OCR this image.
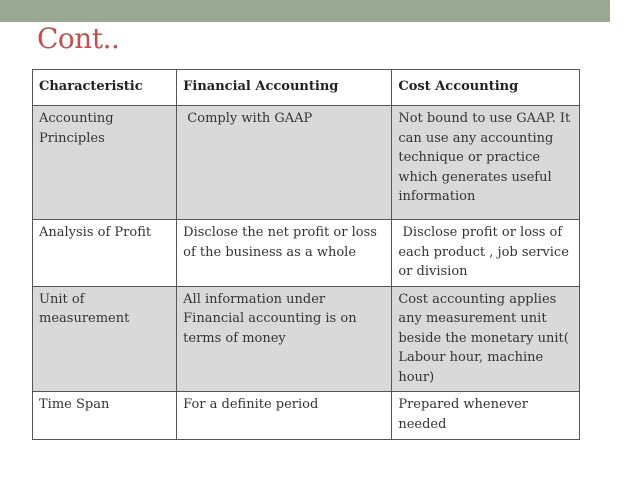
Cont..
Characteristic	Financial Accounting	Cost Accounting
Accounting Principles	Comply with GAAP	Not bound to use GAAP. It can use any accounting technique or practice which generates useful information
Analysis of Profit	Disclose the net profit or loss of the business as a whole	Disclose profit or loss of each product , job service or division
Unit of measurement	All information under Financial accounting is on terms of money	Cost accounting applies any measurement unit beside the monetary unit( Labour hour, machine hour)
Time Span	For a definite period	Prepared whenever needed
